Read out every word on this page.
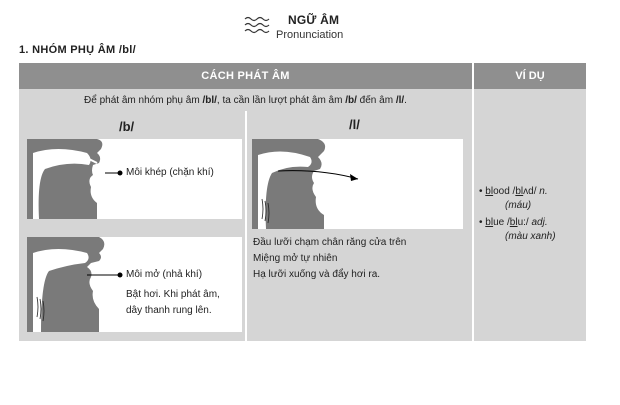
NGỮ ÂM
Pronunciation
1. NHÓM PHỤ ÂM /bl/
CÁCH PHÁT ÂM	VÍ DỤ
Để phát âm nhóm phụ âm /bl/, ta cần lần lượt phát âm âm /b/ đến âm /l/.
/b/	/l/
Môi khép (chặn khí)
Môi mở (nhả khí)
Bật hơi. Khi phát âm,
dây thanh rung lên.
Đầu lưỡi chạm chân răng cửa trên
Miệng mở tự nhiên
Hạ lưỡi xuống và đẩy hơi ra.
• blood /blʌd/ n.
(máu)
• blue /blu:/ adj.
(màu xanh)
